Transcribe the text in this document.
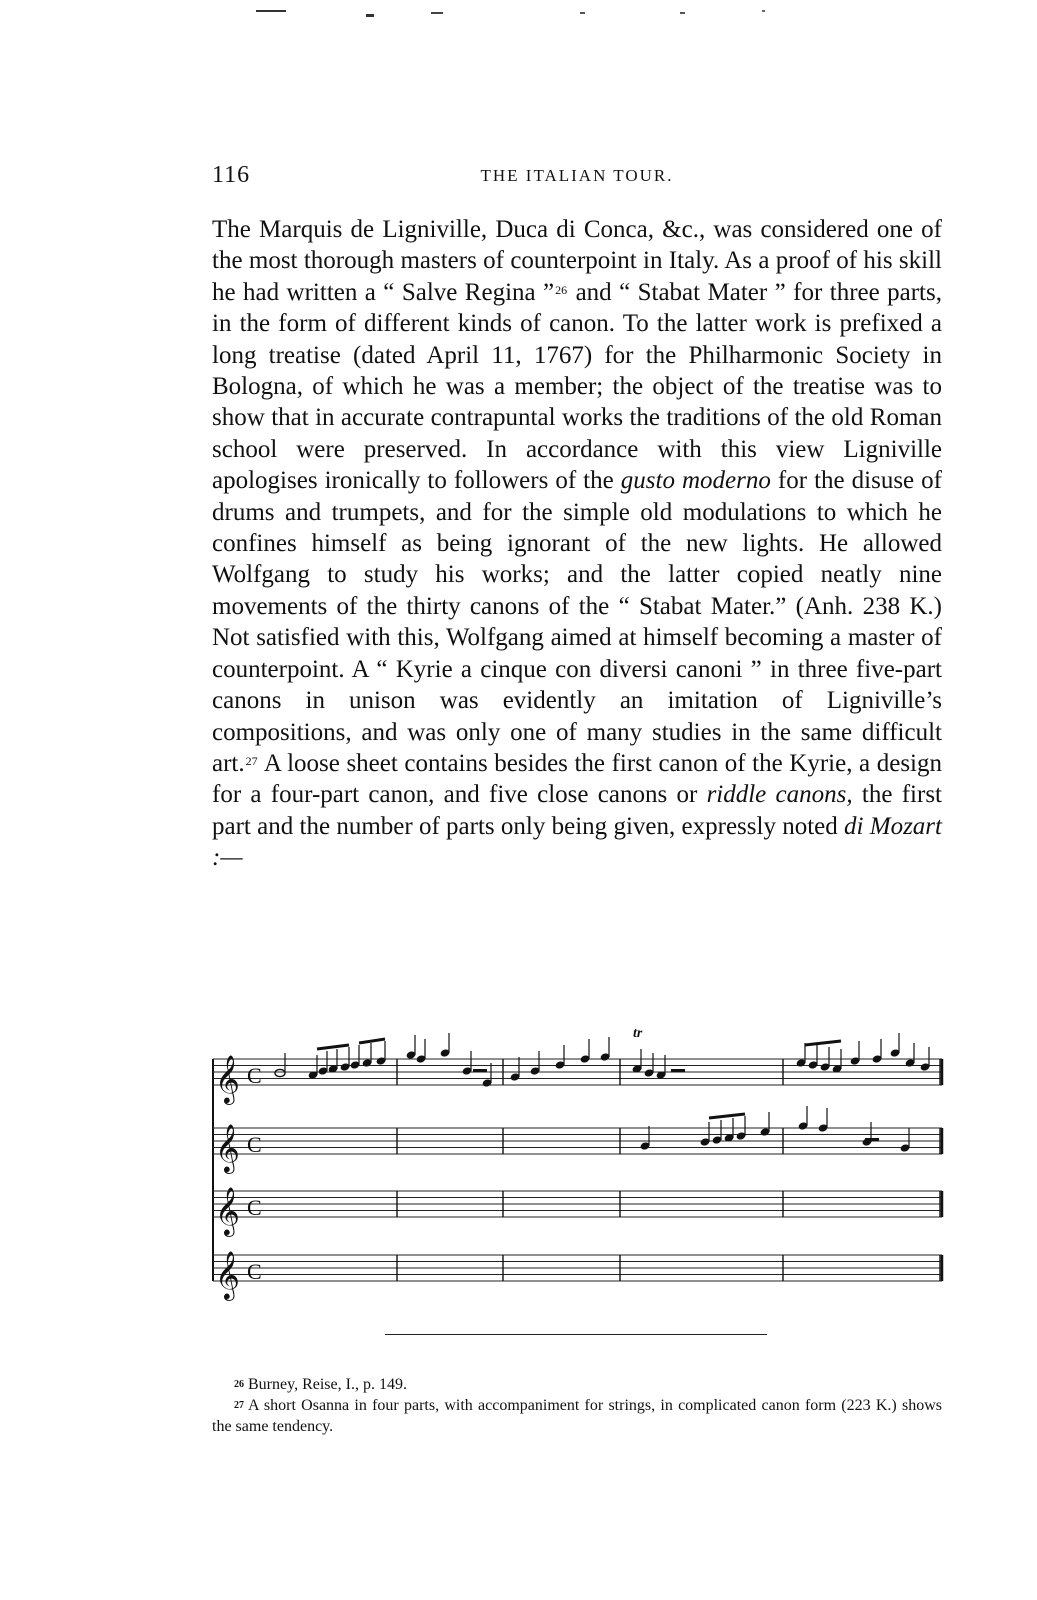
116	THE ITALIAN TOUR.

The Marquis de Ligniville, Duca di Conca, &c., was considered one of the most thorough masters of counterpoint in Italy. As a proof of his skill he had written a “ Salve Regina ”$^{26}$ and “ Stabat Mater ” for three parts, in the form of different kinds of canon. To the latter work is prefixed a long treatise (dated April 11, 1767) for the Philharmonic Society in Bologna, of which he was a member; the object of the treatise was to show that in accurate contrapuntal works the traditions of the old Roman school were preserved. In accordance with this view Ligniville apologises ironically to followers of the gusto moderno for the disuse of drums and trumpets, and for the simple old modulations to which he confines himself as being ignorant of the new lights. He allowed Wolfgang to study his works; and the latter copied neatly nine movements of the thirty canons of the “ Stabat Mater.” (Anh. 238 K.) Not satisfied with this, Wolfgang aimed at himself becoming a master of counterpoint. A “ Kyrie a cinque con diversi canoni ” in three five-part canons in unison was evidently an imitation of Ligniville’s compositions, and was only one of many studies in the same difficult art.$^{27}$ A loose sheet contains besides the first canon of the Kyrie, a design for a four-part canon, and five close canons or riddle canons, the first part and the number of parts only being given, expressly noted di Mozart :—

𝄞 C
𝄞 C
𝄞 C
𝄞 C
tr
$^{26}$ Burney, Reise, I., p. 149.
$^{27}$ A short Osanna in four parts, with accompaniment for strings, in complicated canon form (223 K.) shows the same tendency.
